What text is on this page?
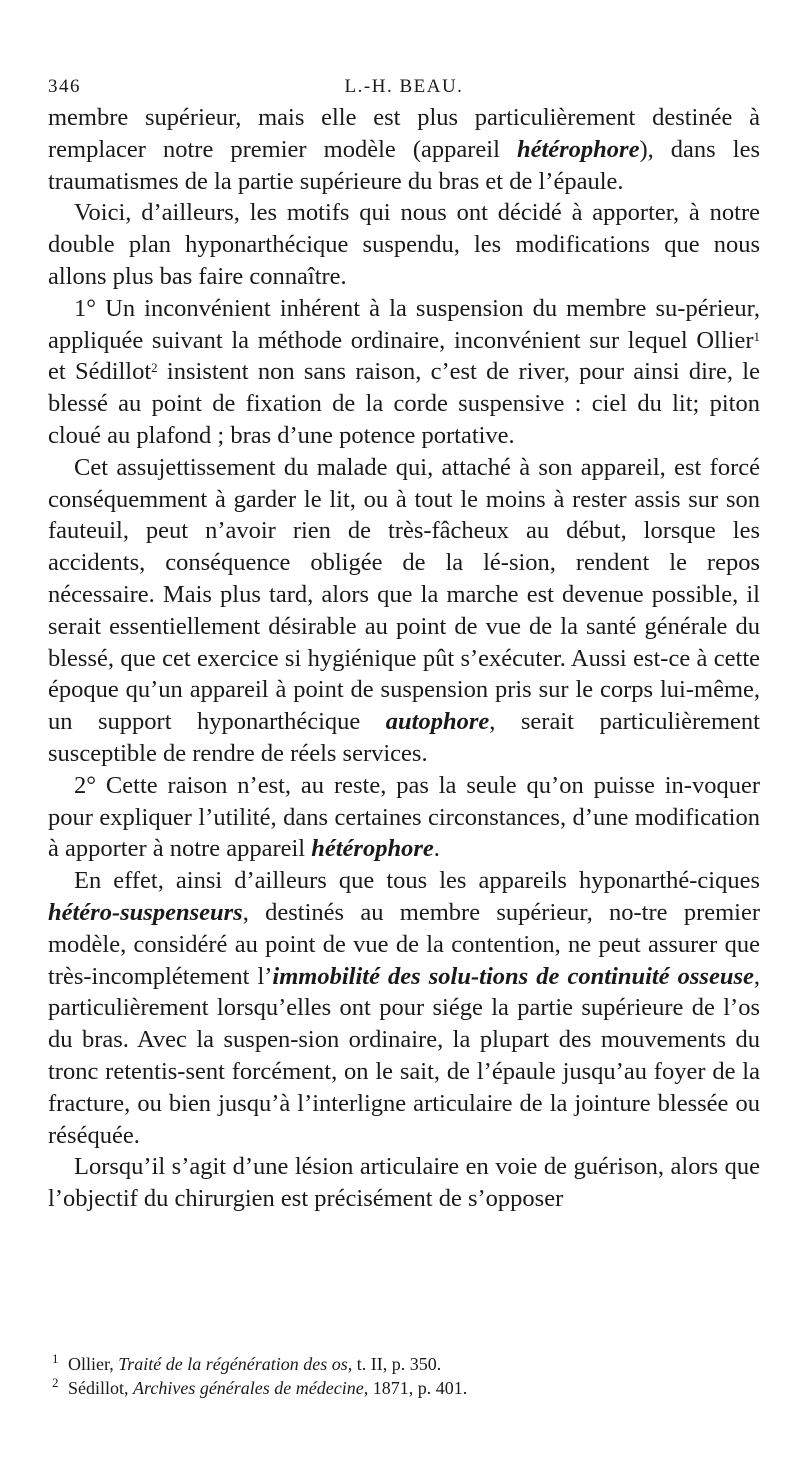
346	L.-H. BEAU.

membre supérieur, mais elle est plus particulièrement destinée à remplacer notre premier modèle (appareil hétérophore), dans les traumatismes de la partie supérieure du bras et de l’épaule.

Voici, d’ailleurs, les motifs qui nous ont décidé à apporter, à notre double plan hyponarthécique suspendu, les modifications que nous allons plus bas faire connaître.

1° Un inconvénient inhérent à la suspension du membre su-périeur, appliquée suivant la méthode ordinaire, inconvénient sur lequel Ollier$^1$ et Sédillot$^2$ insistent non sans raison, c’est de river, pour ainsi dire, le blessé au point de fixation de la corde suspensive : ciel du lit; piton cloué au plafond ; bras d’une potence portative.

Cet assujettissement du malade qui, attaché à son appareil, est forcé conséquemment à garder le lit, ou à tout le moins à rester assis sur son fauteuil, peut n’avoir rien de très-fâcheux au début, lorsque les accidents, conséquence obligée de la lé-sion, rendent le repos nécessaire. Mais plus tard, alors que la marche est devenue possible, il serait essentiellement désirable au point de vue de la santé générale du blessé, que cet exercice si hygiénique pût s’exécuter. Aussi est-ce à cette époque qu’un appareil à point de suspension pris sur le corps lui-même, un support hyponarthécique autophore, serait particulièrement susceptible de rendre de réels services.

2° Cette raison n’est, au reste, pas la seule qu’on puisse in-voquer pour expliquer l’utilité, dans certaines circonstances, d’une modification à apporter à notre appareil hétérophore.

En effet, ainsi d’ailleurs que tous les appareils hyponarthé-ciques hétéro-suspenseurs, destinés au membre supérieur, no-tre premier modèle, considéré au point de vue de la contention, ne peut assurer que très-incomplétement l’immobilité des solu-tions de continuité osseuse, particulièrement lorsqu’elles ont pour siége la partie supérieure de l’os du bras. Avec la suspen-sion ordinaire, la plupart des mouvements du tronc retentis-sent forcément, on le sait, de l’épaule jusqu’au foyer de la fracture, ou bien jusqu’à l’interligne articulaire de la jointure blessée ou réséquée.

Lorsqu’il s’agit d’une lésion articulaire en voie de guérison, alors que l’objectif du chirurgien est précisément de s’opposer

$^1$ Ollier, Traité de la régénération des os, t. II, p. 350.

$^2$ Sédillot, Archives générales de médecine, 1871, p. 401.
